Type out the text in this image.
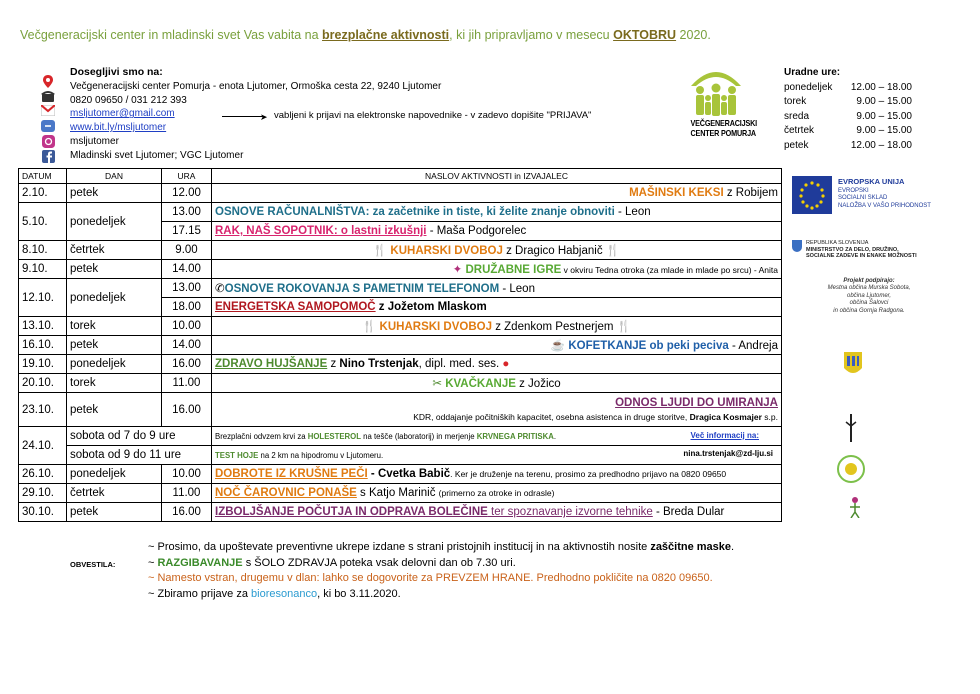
Večgeneracijski center in mladinski svet Vas vabita na brezplačne aktivnosti, ki jih pripravljamo v mesecu OKTOBRU 2020.
Dosegljivi smo na:
Večgeneracijski center Pomurja - enota Ljutomer, Ormoška cesta 22, 9240 Ljutomer
0820 09650 / 031 212 393
msljutomer@gmail.com
www.bit.ly/msljutomer
msljutomer
Mladinski svet Ljutomer; VGC Ljutomer
➤ vabljeni k prijavi na elektronske napovednike - v zadevo dopišite "PRIJAVA"
VEČGENERACIJSKI
CENTER POMURJA
Uradne ure:
ponedeljek	12.00 – 18.00
torek	9.00 – 15.00
sreda	9.00 – 15.00
četrtek	9.00 – 15.00
petek	12.00 – 18.00
DATUM	DAN	URA	NASLOV AKTIVNOSTI in IZVAJALEC
2.10.	petek	12.00	MAŠINSKI KEKSI z Robijem
5.10.	ponedeljek	13.00	OSNOVE RAČUNALNIŠTVA: za začetnike in tiste, ki želite znanje obnoviti - Leon
		17.15	RAK, NAŠ SOPOTNIK: o lastni izkušnji - Maša Podgorelec
8.10.	četrtek	9.00	🍴 KUHARSKI DVOBOJ z Dragico Habjanič 🍴
9.10.	petek	14.00	✦ DRUŽABNE IGRE v okviru Tedna otroka (za mlade in mlade po srcu) - Anita
12.10.	ponedeljek	13.00	✆OSNOVE ROKOVANJA S PAMETNIM TELEFONOM - Leon
		18.00	ENERGETSKA SAMOPOMOČ z Jožetom Mlaskom
13.10.	torek	10.00	🍴 KUHARSKI DVOBOJ z Zdenkom Pestnerjem 🍴
16.10.	petek	14.00	☕ KOFETKANJE ob peki peciva - Andreja
19.10.	ponedeljek	16.00	ZDRAVO HUJŠANJE z Nino Trstenjak, dipl. med. ses. ●
20.10.	torek	11.00	✂ KVAČKANJE z Jožico
23.10.	petek	16.00	ODNOS LJUDI DO UMIRANJA
KDR, oddajanje počitniških kapacitet, osebna asistenca in druge storitve, Dragica Kosmajer s.p.

24.10.	sobota od 7 do 9 ure		Brezplačni odvzem krvi za HOLESTEROL na tešče (laboratorij) in merjenje KRVNEGA PRITISKA. Več informacij na:

	sobota od 9 do 11 ure		TEST HOJE na 2 km na hipodromu v Ljutomeru. nina.trstenjak@zd-lju.si

26.10.	ponedeljek	10.00	DOBROTE IZ KRUŠNE PEČI - Cvetka Babič. Ker je druženje na terenu, prosimo za predhodno prijavo na 0820 09650
29.10.	četrtek	11.00	NOČ ČAROVNIC PONAŠE s Katjo Marinič (primerno za otroke in odrasle)
30.10.	petek	16.00	IZBOLJŠANJE POČUTJA IN ODPRAVA BOLEČINE ter spoznavanje izvorne tehnike - Breda Dular
OBVESTILA:
~ Prosimo, da upoštevate preventivne ukrepe izdane s strani pristojnih institucij in na aktivnostih nosite zaščitne maske.
~ RAZGIBAVANJE s ŠOLO ZDRAVJA poteka vsak delovni dan ob 7.30 uri.
~ Namesto vstran, drugemu v dlan: lahko se dogovorite za PREVZEM HRANE. Predhodno pokličite na 0820 09650.
~ Zbiramo prijave za bioresonanco, ki bo 3.11.2020.
EVROPSKA UNIJA
EVROPSKI
SOCIALNI SKLAD
NALOŽBA V VAŠO PRIHODNOST
REPUBLIKA SLOVENIJA
MINISTRSTVO ZA DELO, DRUŽINO,
SOCIALNE ZADEVE IN ENAKE MOŽNOSTI
Projekt podpirajo:
Mestna občina Murska Sobota,
občina Ljutomer,
občina Šalovci
in občina Gornja Radgona.
